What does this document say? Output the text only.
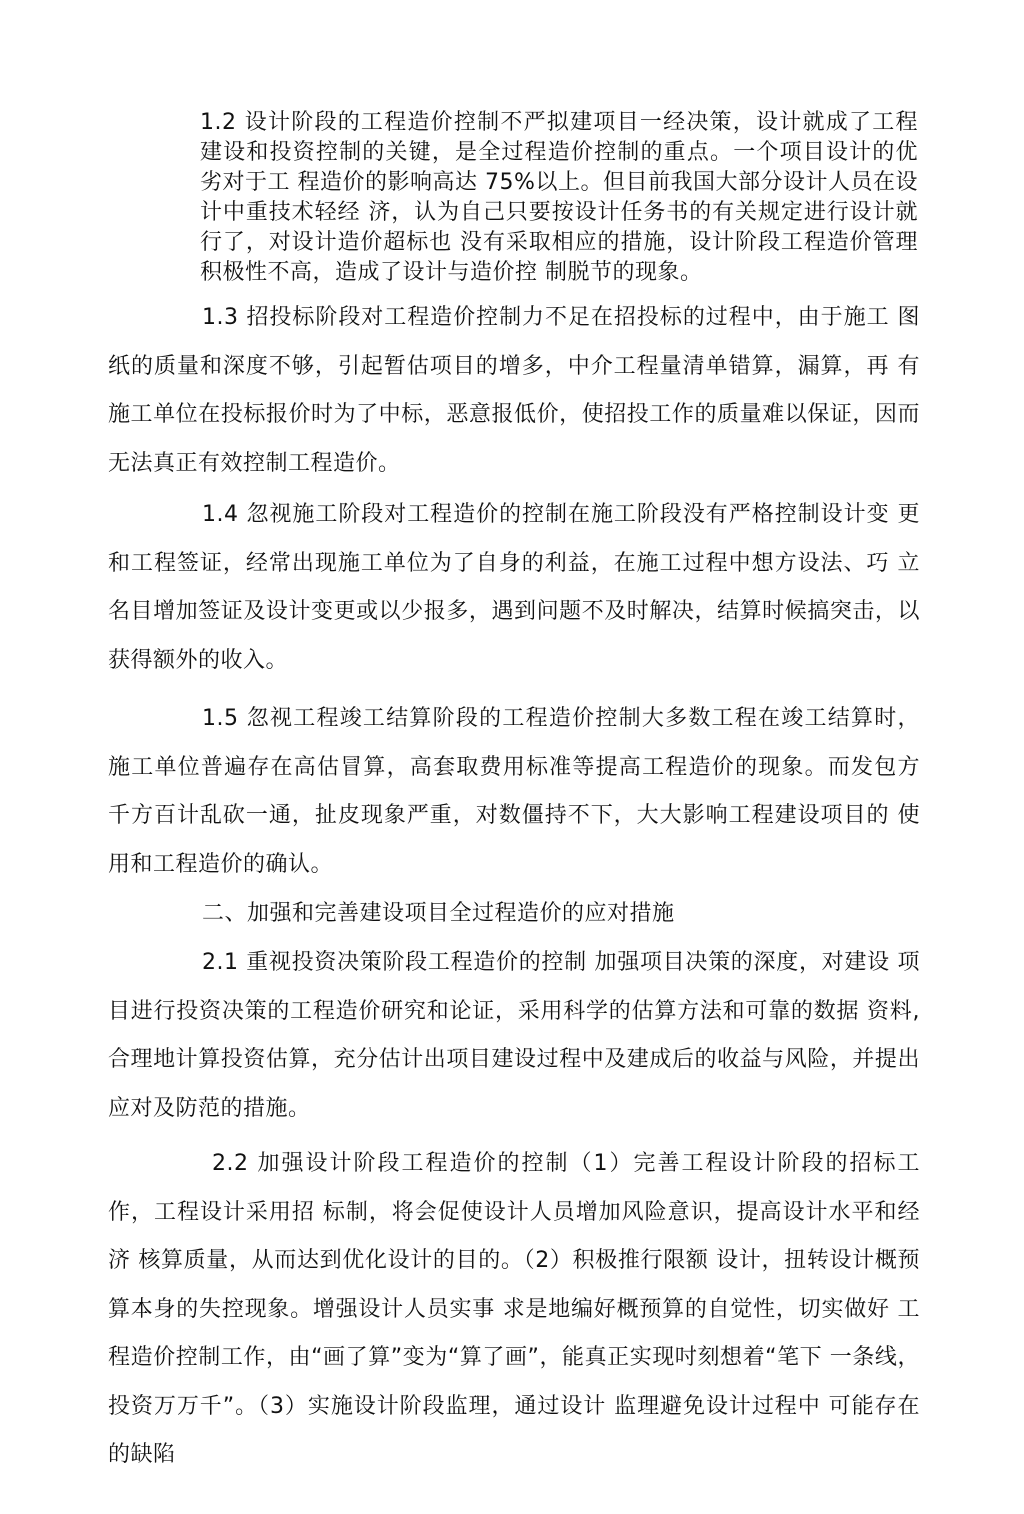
1.2 设计阶段的工程造价控制不严拟建项目一经决策，设计就成了工程 建设和投资控制的关键，是全过程造价控制的重点。一个项目设计的优劣对于工 程造价的影响高达 75%以上。但目前我国大部分设计人员在设计中重技术轻经 济，认为自己只要按设计任务书的有关规定进行设计就行了，对设计造价超标也 没有采取相应的措施，设计阶段工程造价管理积极性不高，造成了设计与造价控 制脱节的现象。

1.3 招投标阶段对工程造价控制力不足在招投标的过程中，由于施工 图纸的质量和深度不够，引起暂估项目的增多，中介工程量清单错算，漏算，再 有施工单位在投标报价时为了中标，恶意报低价，使招投工作的质量难以保证，因而无法真正有效控制工程造价。

1.4 忽视施工阶段对工程造价的控制在施工阶段没有严格控制设计变 更和工程签证，经常出现施工单位为了自身的利益，在施工过程中想方设法、巧 立名目增加签证及设计变更或以少报多，遇到问题不及时解决，结算时候搞突击，以获得额外的收入。

1.5 忽视工程竣工结算阶段的工程造价控制大多数工程在竣工结算时，施工单位普遍存在高估冒算，高套取费用标准等提高工程造价的现象。而发包方 千方百计乱砍一通，扯皮现象严重，对数僵持不下，大大影响工程建设项目的 使用和工程造价的确认。

二、加强和完善建设项目全过程造价的应对措施

2.1 重视投资决策阶段工程造价的控制 加强项目决策的深度，对建设 项目进行投资决策的工程造价研究和论证，采用科学的估算方法和可靠的数据 资料,合理地计算投资估算，充分估计出项目建设过程中及建成后的收益与风险，并提出应对及防范的措施。

2.2 加强设计阶段工程造价的控制（1）完善工程设计阶段的招标工作，工程设计采用招 标制，将会促使设计人员增加风险意识，提高设计水平和经济 核算质量，从而达到优化设计的目的。（2）积极推行限额 设计，扭转设计概预 算本身的失控现象。增强设计人员实事 求是地编好概预算的自觉性，切实做好 工程造价控制工作，由“画了算”变为“算了画”，能真正实现吋刻想着“笔下 一条线，投资万万千”。（3）实施设计阶段监理，通过设计 监理避免设计过程中 可能存在的缺陷
